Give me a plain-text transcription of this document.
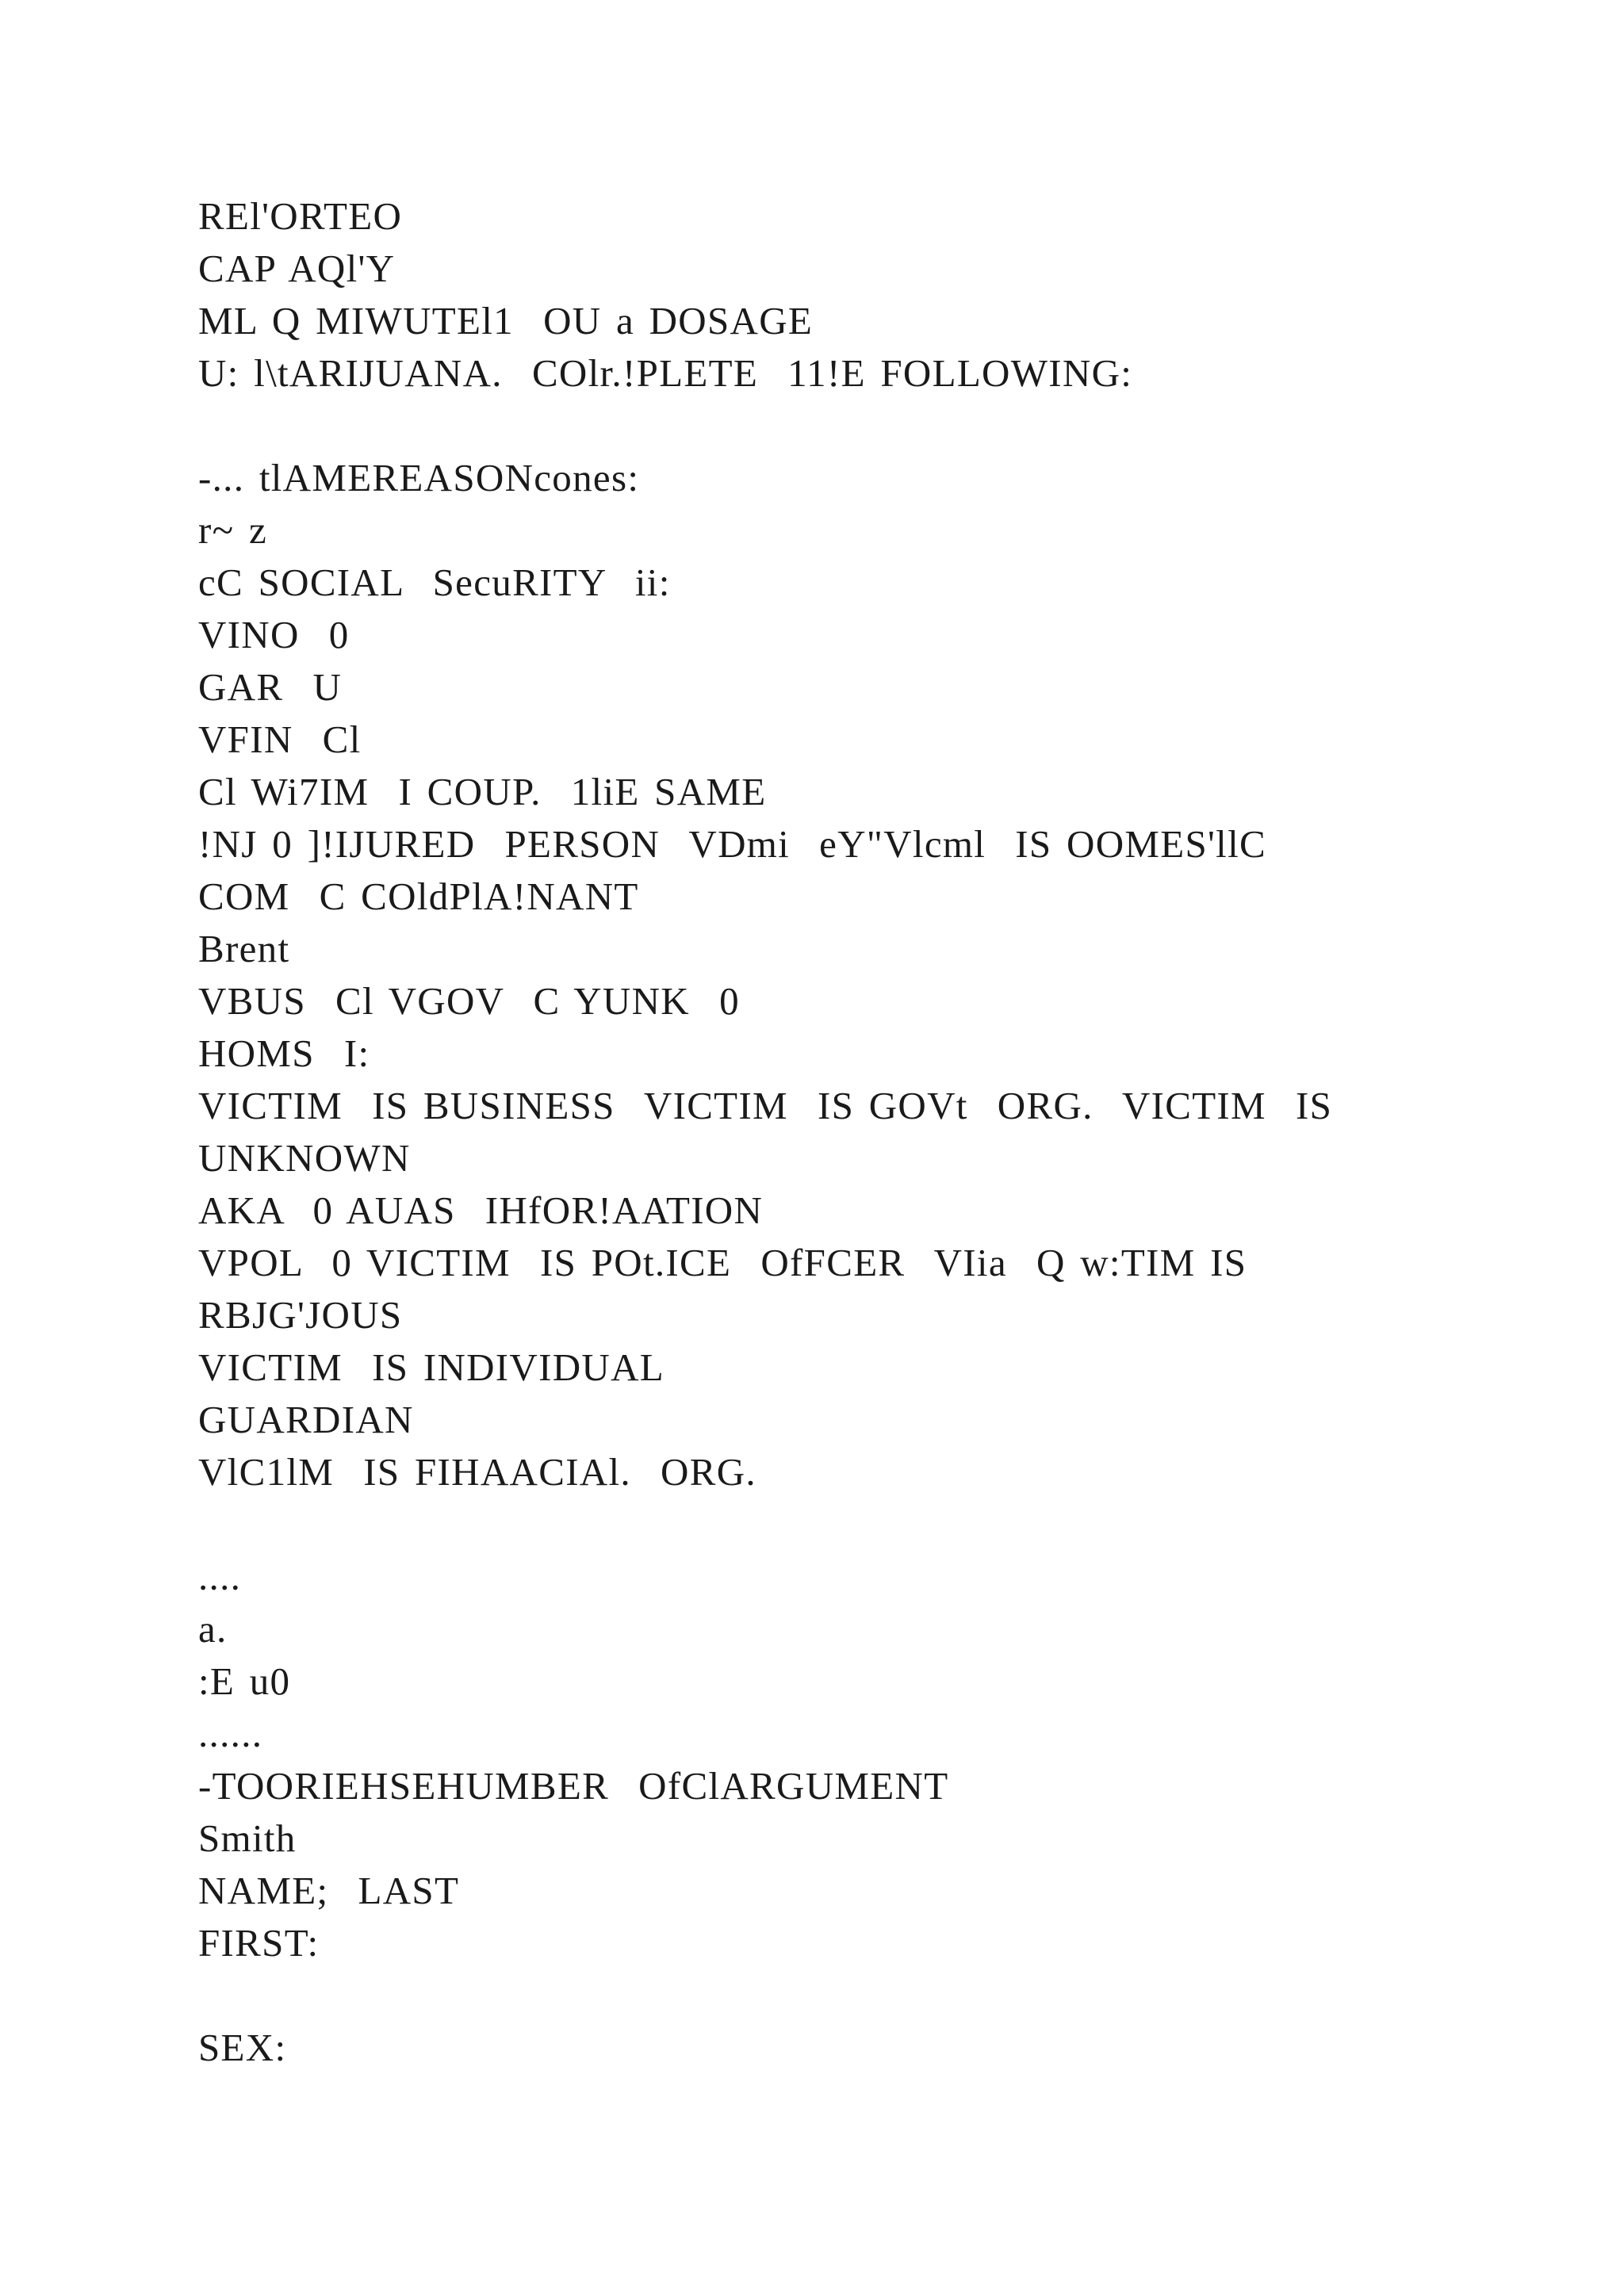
REl'ORTEO
CAP AQl'Y
ML Q MIWUTEl1  OU a DOSAGE
U: l\tARIJUANA.  COlr.!PLETE  11!E FOLLOWING:
-... tlAMEREASONcones:
r~ z
cC SOCIAL  SecuRITY  ii:
VINO  0
GAR  U
VFIN  Cl
Cl Wi7IM  I COUP.  1liE SAME
!NJ 0 ]!IJURED  PERSON  VDmi  eY"Vlcml  IS OOMES'llC
COM  C COldPlA!NANT
Brent
VBUS  Cl VGOV  C YUNK  0
HOMS  I:
VICTIM  IS BUSINESS  VICTIM  IS GOVt  ORG.  VICTIM  IS
UNKNOWN
AKA  0 AUAS  IHfOR!AATION
VPOL  0 VICTIM  IS POt.ICE  OfFCER  VIia  Q w:TIM IS
RBJG'JOUS
VICTIM  IS INDIVIDUAL
GUARDIAN
VlC1lM  IS FIHAACIAl.  ORG.
....
a.
:E u0
......
-TOORIEHSEHUMBER  OfClARGUMENT
Smith
NAME;  LAST
FIRST:
SEX:
